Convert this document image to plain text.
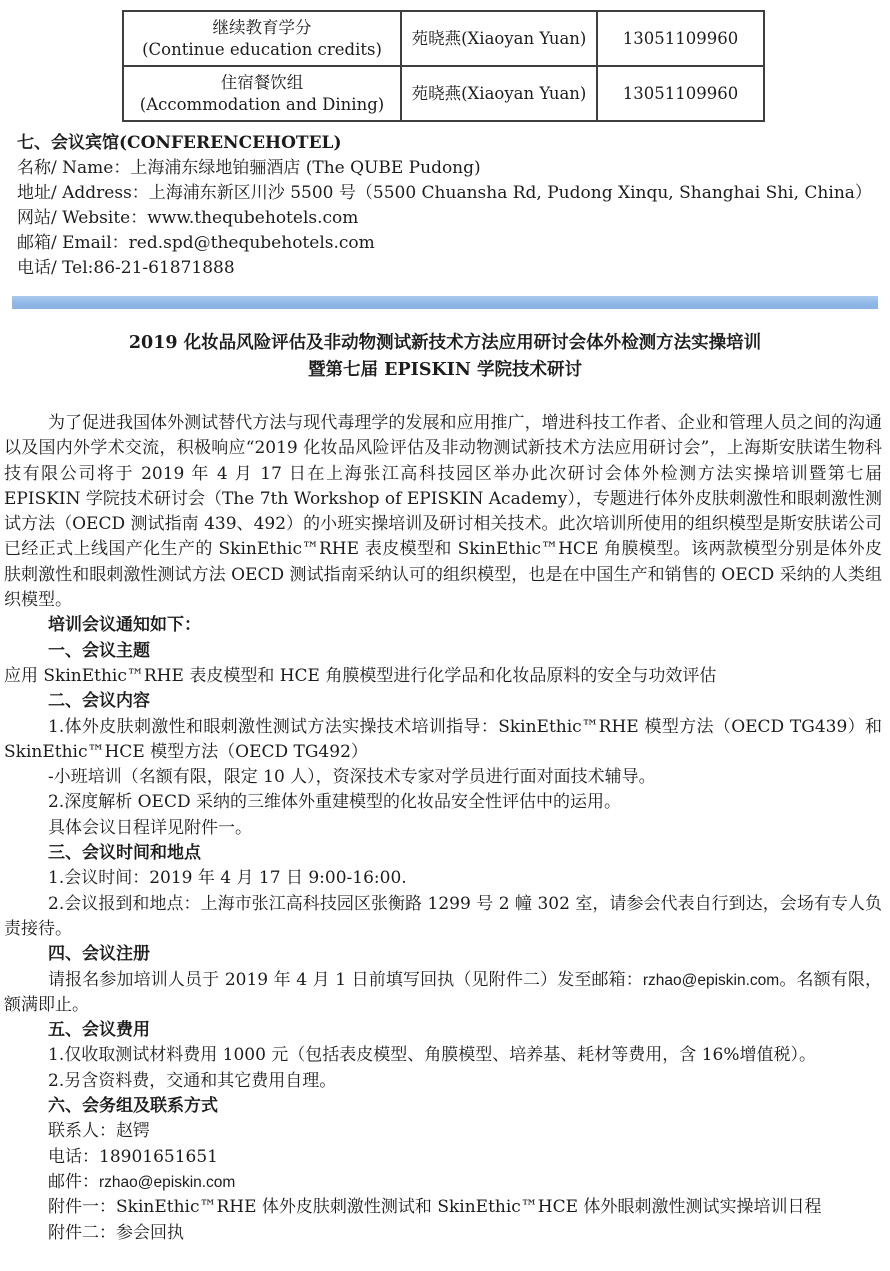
继续教育学分
(Continue education credits)	苑晓燕(Xiaoyan Yuan)	13051109960

住宿餐饮组
(Accommodation and Dining)	苑晓燕(Xiaoyan Yuan)	13051109960
七、会议宾馆(CONFERENCEHOTEL)
名称/ Name：上海浦东绿地铂骊酒店 (The QUBE Pudong)
地址/ Address：上海浦东新区川沙 5500 号（5500 Chuansha Rd, Pudong Xinqu, Shanghai Shi, China）
网站/ Website：www.thequbehotels.com
邮箱/ Email：red.spd@thequbehotels.com
电话/ Tel:86-21-61871888
2019 化妆品风险评估及非动物测试新技术方法应用研讨会体外检测方法实操培训
暨第七届 EPISKIN 学院技术研讨

为了促进我国体外测试替代方法与现代毒理学的发展和应用推广，增进科技工作者、企业和管理人员之间的沟通以及国内外学术交流，积极响应“2019 化妆品风险评估及非动物测试新技术方法应用研讨会”，上海斯安肤诺生物科技有限公司将于 2019 年 4 月 17 日在上海张江高科技园区举办此次研讨会体外检测方法实操培训暨第七届 EPISKIN 学院技术研讨会（The 7th Workshop of EPISKIN Academy），专题进行体外皮肤刺激性和眼刺激性测试方法（OECD 测试指南 439、492）的小班实操培训及研讨相关技术。此次培训所使用的组织模型是斯安肤诺公司已经正式上线国产化生产的 SkinEthic™RHE 表皮模型和 SkinEthic™HCE 角膜模型。该两款模型分别是体外皮肤刺激性和眼刺激性测试方法 OECD 测试指南采纳认可的组织模型，也是在中国生产和销售的 OECD 采纳的人类组织模型。

培训会议通知如下：

一、会议主题

应用 SkinEthic™RHE 表皮模型和 HCE 角膜模型进行化学品和化妆品原料的安全与功效评估

二、会议内容

1.体外皮肤刺激性和眼刺激性测试方法实操技术培训指导：SkinEthic™RHE 模型方法（OECD TG439）和SkinEthic™HCE 模型方法（OECD TG492）

-小班培训（名额有限，限定 10 人），资深技术专家对学员进行面对面技术辅导。

2.深度解析 OECD 采纳的三维体外重建模型的化妆品安全性评估中的运用。

具体会议日程详见附件一。

三、会议时间和地点

1.会议时间：2019 年 4 月 17 日 9:00-16:00.

2.会议报到和地点：上海市张江高科技园区张衡路 1299 号 2 幢 302 室，请参会代表自行到达，会场有专人负责接待。

四、会议注册

请报名参加培训人员于 2019 年 4 月 1 日前填写回执（见附件二）发至邮箱：rzhao@episkin.com。名额有限，额满即止。

五、会议费用

1.仅收取测试材料费用 1000 元（包括表皮模型、角膜模型、培养基、耗材等费用，含 16%增值税）。

2.另含资料费，交通和其它费用自理。

六、会务组及联系方式

联系人：赵锷

电话：18901651651

邮件：rzhao@episkin.com

附件一：SkinEthic™RHE 体外皮肤刺激性测试和 SkinEthic™HCE 体外眼刺激性测试实操培训日程

附件二：参会回执
